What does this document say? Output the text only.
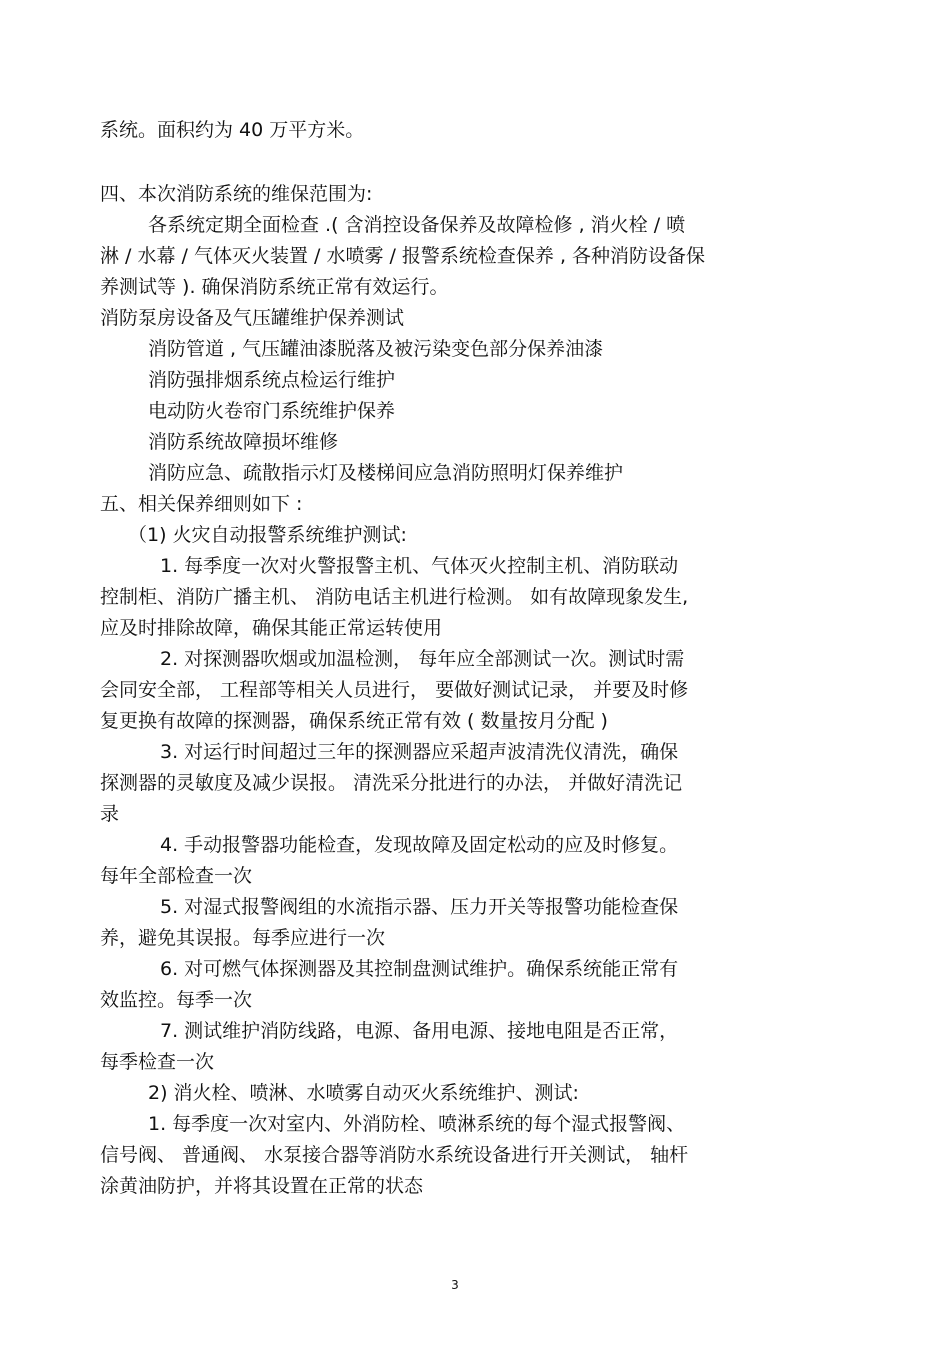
系统。面积约为 40 万平方米。
四、本次消防系统的维保范围为:
各系统定期全面检查 .( 含消控设备保养及故障检修 , 消火栓 / 喷
淋 / 水幕 / 气体灭火装置 / 水喷雾 / 报警系统检查保养 , 各种消防设备保
养测试等 ). 确保消防系统正常有效运行。
消防泵房设备及气压罐维护保养测试
消防管道 , 气压罐油漆脱落及被污染变色部分保养油漆
消防强排烟系统点检运行维护
电动防火卷帘门系统维护保养
消防系统故障损坏维修
消防应急、疏散指示灯及楼梯间应急消防照明灯保养维护
五、相关保养细则如下 :
（1) 火灾自动报警系统维护测试:
1. 每季度一次对火警报警主机、气体灭火控制主机、消防联动
控制柜、消防广播主机、 消防电话主机进行检测。 如有故障现象发生,
应及时排除故障，确保其能正常运转使用
2. 对探测器吹烟或加温检测， 每年应全部测试一次。测试时需
会同安全部， 工程部等相关人员进行， 要做好测试记录， 并要及时修
复更换有故障的探测器，确保系统正常有效 ( 数量按月分配 )
3. 对运行时间超过三年的探测器应采超声波清洗仪清洗，确保
探测器的灵敏度及减少误报。 清洗采分批进行的办法， 并做好清洗记
录
4. 手动报警器功能检查，发现故障及固定松动的应及时修复。
每年全部检查一次
5. 对湿式报警阀组的水流指示器、压力开关等报警功能检查保
养，避免其误报。每季应进行一次
6. 对可燃气体探测器及其控制盘测试维护。确保系统能正常有
效监控。每季一次
7. 测试维护消防线路，电源、备用电源、接地电阻是否正常，
每季检查一次
2) 消火栓、喷淋、水喷雾自动灭火系统维护、测试:
1. 每季度一次对室内、外消防栓、喷淋系统的每个湿式报警阀、
信号阀、 普通阀、 水泵接合器等消防水系统设备进行开关测试， 轴杆
涂黄油防护，并将其设置在正常的状态
3
